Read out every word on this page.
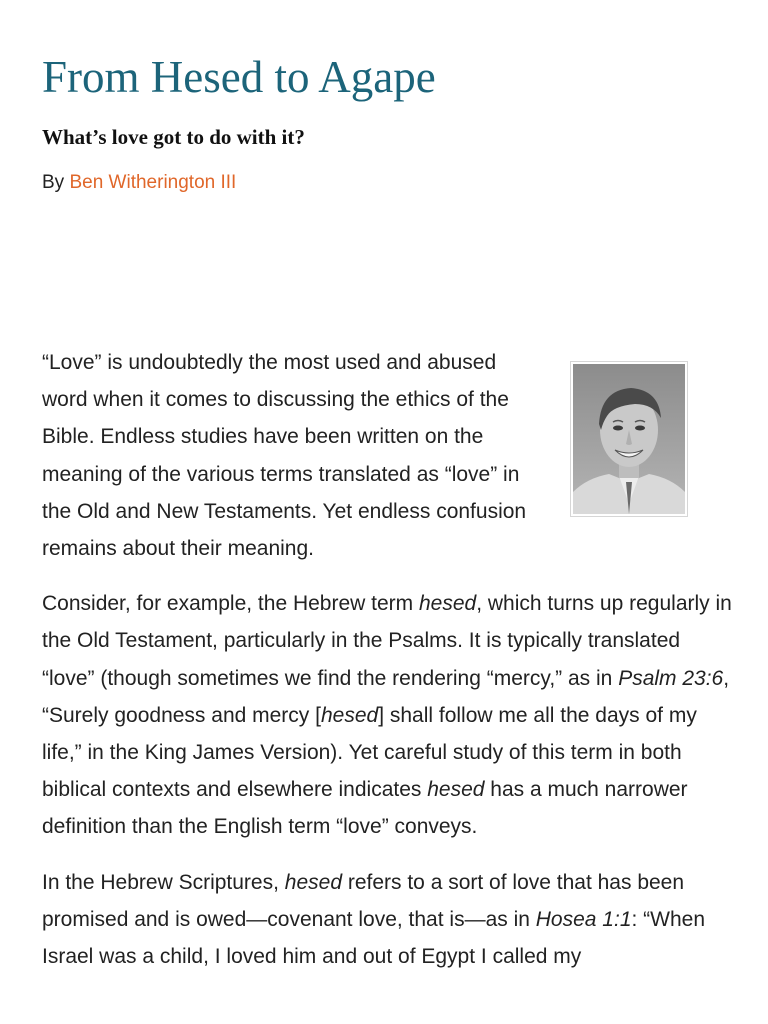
From Hesed to Agape
What’s love got to do with it?
By Ben Witherington III

“Love” is undoubtedly the most used and abused word when it comes to discussing the ethics of the Bible. Endless studies have been written on the meaning of the various terms translated as “love” in the Old and New Testaments. Yet endless confusion remains about their meaning.

Consider, for example, the Hebrew term hesed, which turns up regularly in the Old Testament, particularly in the Psalms. It is typically translated “love” (though sometimes we find the rendering “mercy,” as in Psalm 23:6, “Surely goodness and mercy [hesed] shall follow me all the days of my life,” in the King James Version). Yet careful study of this term in both biblical contexts and elsewhere indicates hesed has a much narrower definition than the English term “love” conveys.

In the Hebrew Scriptures, hesed refers to a sort of love that has been promised and is owed—covenant love, that is—as in Hosea 1:1: “When Israel was a child, I loved him and out of Egypt I called my
